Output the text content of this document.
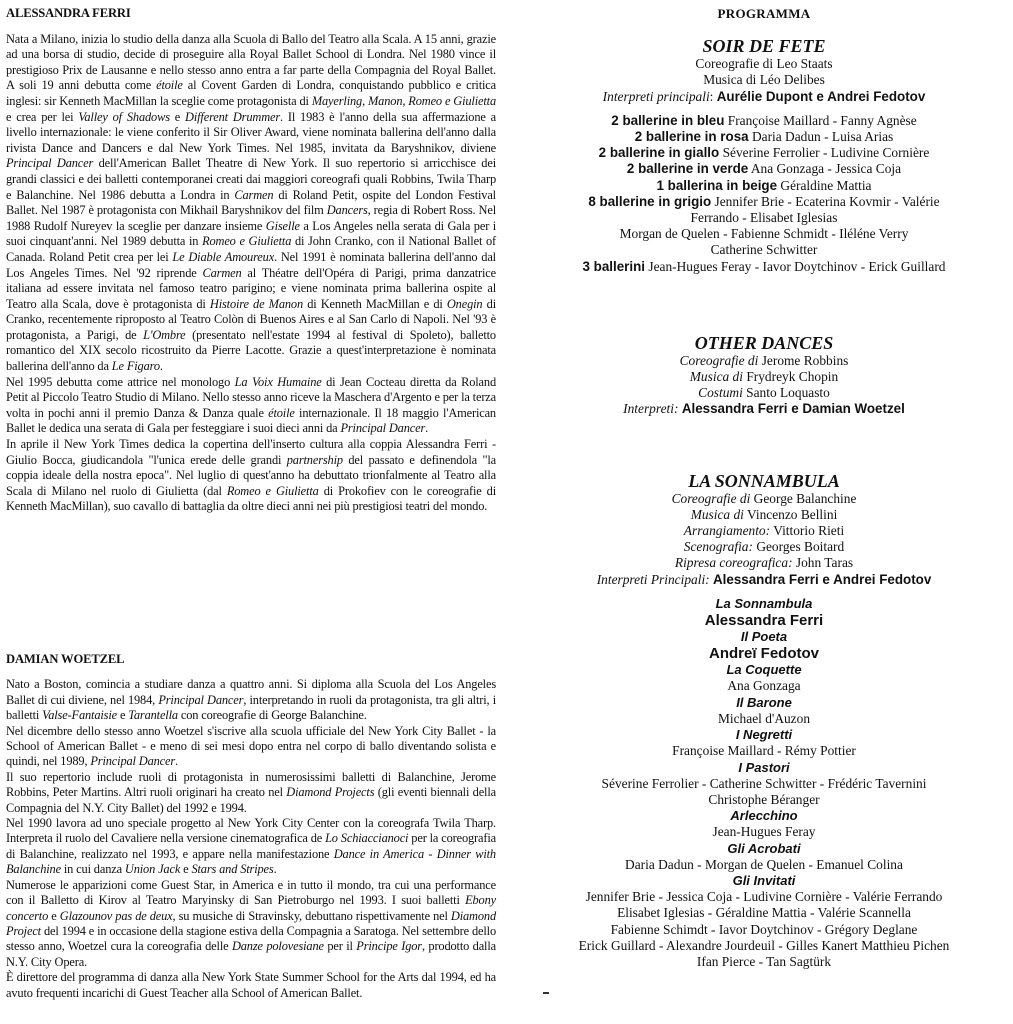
ALESSANDRA FERRI

Nata a Milano, inizia lo studio della danza alla Scuola di Ballo del Teatro alla Scala. A 15 anni, grazie ad una borsa di studio, decide di proseguire alla Royal Ballet School di Londra. Nel 1980 vince il prestigioso Prix de Lausanne e nello stesso anno entra a far parte della Compagnia del Royal Ballet. A soli 19 anni debutta come étoile al Covent Garden di Londra, conquistando pubblico e critica inglesi: sir Kenneth MacMillan la sceglie come protagonista di Mayerling, Manon, Romeo e Giulietta e crea per lei Valley of Shadows e Different Drummer. Il 1983 è l'anno della sua affermazione a livello internazionale: le viene conferito il Sir Oliver Award, viene nominata ballerina dell'anno dalla rivista Dance and Dancers e dal New York Times. Nel 1985, invitata da Baryshnikov, diviene Principal Dancer dell'American Ballet Theatre di New York. Il suo repertorio si arricchisce dei grandi classici e dei balletti contemporanei creati dai maggiori coreografi quali Robbins, Twila Tharp e Balanchine. Nel 1986 debutta a Londra in Carmen di Roland Petit, ospite del London Festival Ballet. Nel 1987 è protagonista con Mikhail Baryshnikov del film Dancers, regia di Robert Ross. Nel 1988 Rudolf Nureyev la sceglie per danzare insieme Giselle a Los Angeles nella serata di Gala per i suoi cinquant'anni. Nel 1989 debutta in Romeo e Giulietta di John Cranko, con il National Ballet of Canada. Roland Petit crea per lei Le Diable Amoureux. Nel 1991 è nominata ballerina dell'anno dal Los Angeles Times. Nel '92 riprende Carmen al Théatre dell'Opéra di Parigi, prima danzatrice italiana ad essere invitata nel famoso teatro parigino; e viene nominata prima ballerina ospite al Teatro alla Scala, dove è protagonista di Histoire de Manon di Kenneth MacMillan e di Onegin di Cranko, recentemente riproposto al Teatro Colòn di Buenos Aires e al San Carlo di Napoli. Nel '93 è protagonista, a Parigi, de L'Ombre (presentato nell'estate 1994 al festival di Spoleto), balletto romantico del XIX secolo ricostruito da Pierre Lacotte. Grazie a quest'interpretazione è nominata ballerina dell'anno da Le Figaro.

Nel 1995 debutta come attrice nel monologo La Voix Humaine di Jean Cocteau diretta da Roland Petit al Piccolo Teatro Studio di Milano. Nello stesso anno riceve la Maschera d'Argento e per la terza volta in pochi anni il premio Danza & Danza quale étoile internazionale. Il 18 maggio l'American Ballet le dedica una serata di Gala per festeggiare i suoi dieci anni da Principal Dancer.

In aprile il New York Times dedica la copertina dell'inserto cultura alla coppia Alessandra Ferri - Giulio Bocca, giudicandola "l'unica erede delle grandi partnership del passato e definendola "la coppia ideale della nostra epoca". Nel luglio di quest'anno ha debuttato trionfalmente al Teatro alla Scala di Milano nel ruolo di Giulietta (dal Romeo e Giulietta di Prokofiev con le coreografie di Kenneth MacMillan), suo cavallo di battaglia da oltre dieci anni nei più prestigiosi teatri del mondo.

DAMIAN WOETZEL

Nato a Boston, comincia a studiare danza a quattro anni. Si diploma alla Scuola del Los Angeles Ballet di cui diviene, nel 1984, Principal Dancer, interpretando in ruoli da protagonista, tra gli altri, i balletti Valse-Fantaisie e Tarantella con coreografie di George Balanchine.

Nel dicembre dello stesso anno Woetzel s'iscrive alla scuola ufficiale del New York City Ballet - la School of American Ballet - e meno di sei mesi dopo entra nel corpo di ballo diventando solista e quindi, nel 1989, Principal Dancer.

Il suo repertorio include ruoli di protagonista in numerosissimi balletti di Balanchine, Jerome Robbins, Peter Martins. Altri ruoli originari ha creato nel Diamond Projects (gli eventi biennali della Compagnia del N.Y. City Ballet) del 1992 e 1994.

Nel 1990 lavora ad uno speciale progetto al New York City Center con la coreografa Twila Tharp. Interpreta il ruolo del Cavaliere nella versione cinematografica de Lo Schiaccianoci per la coreografia di Balanchine, realizzato nel 1993, e appare nella manifestazione Dance in America - Dinner with Balanchine in cui danza Union Jack e Stars and Stripes.

Numerose le apparizioni come Guest Star, in America e in tutto il mondo, tra cui una performance con il Balletto di Kirov al Teatro Maryinsky di San Pietroburgo nel 1993. I suoi balletti Ebony concerto e Glazounov pas de deux, su musiche di Stravinsky, debuttano rispettivamente nel Diamond Project del 1994 e in occasione della stagione estiva della Compagnia a Saratoga. Nel settembre dello stesso anno, Woetzel cura la coreografia delle Danze polovesiane per il Principe Igor, prodotto dalla N.Y. City Opera.

È direttore del programma di danza alla New York State Summer School for the Arts dal 1994, ed ha avuto frequenti incarichi di Guest Teacher alla School of American Ballet.

PROGRAMMA
SOIR DE FETE
Coreografie di Leo Staats
Musica di Léo Delibes
Interpreti principali: Aurélie Dupont e Andrei Fedotov
2 ballerine in bleu Françoise Maillard - Fanny Agnèse
2 ballerine in rosa Daria Dadun - Luisa Arias
2 ballerine in giallo Séverine Ferrolier - Ludivine Cornière
2 ballerine in verde Ana Gonzaga - Jessica Coja
1 ballerina in beige Géraldine Mattia
8 ballerine in grigio Jennifer Brie - Ecaterina Kovmir - Valérie
Ferrando - Elisabet Iglesias
Morgan de Quelen - Fabienne Schmidt - Iléléne Verry
Catherine Schwitter
3 ballerini Jean-Hugues Feray - Iavor Doytchinov - Erick Guillard
OTHER DANCES
Coreografie di Jerome Robbins
Musica di Frydreyk Chopin
Costumi Santo Loquasto
Interpreti: Alessandra Ferri e Damian Woetzel
LA SONNAMBULA
Coreografie di George Balanchine
Musica di Vincenzo Bellini
Arrangiamento: Vittorio Rieti
Scenografia: Georges Boitard
Ripresa coreografica: John Taras
Interpreti Principali: Alessandra Ferri e Andrei Fedotov
La Sonnambula
Alessandra Ferri
Il Poeta
Andreï Fedotov
La Coquette
Ana Gonzaga
Il Barone
Michael d'Auzon
I Negretti
Françoise Maillard - Rémy Pottier
I Pastori
Séverine Ferrolier - Catherine Schwitter - Frédéric Tavernini
Christophe Béranger
Arlecchino
Jean-Hugues Feray
Gli Acrobati
Daria Dadun - Morgan de Quelen - Emanuel Colina
Gli Invitati
Jennifer Brie - Jessica Coja - Ludivine Cornière - Valérie Ferrando
Elisabet Iglesias - Géraldine Mattia - Valérie Scannella
Fabienne Schimdt - Iavor Doytchinov - Grégory Deglane
Erick Guillard - Alexandre Jourdeuil - Gilles Kanert Matthieu Pichen
Ifan Pierce - Tan Sagtürk
